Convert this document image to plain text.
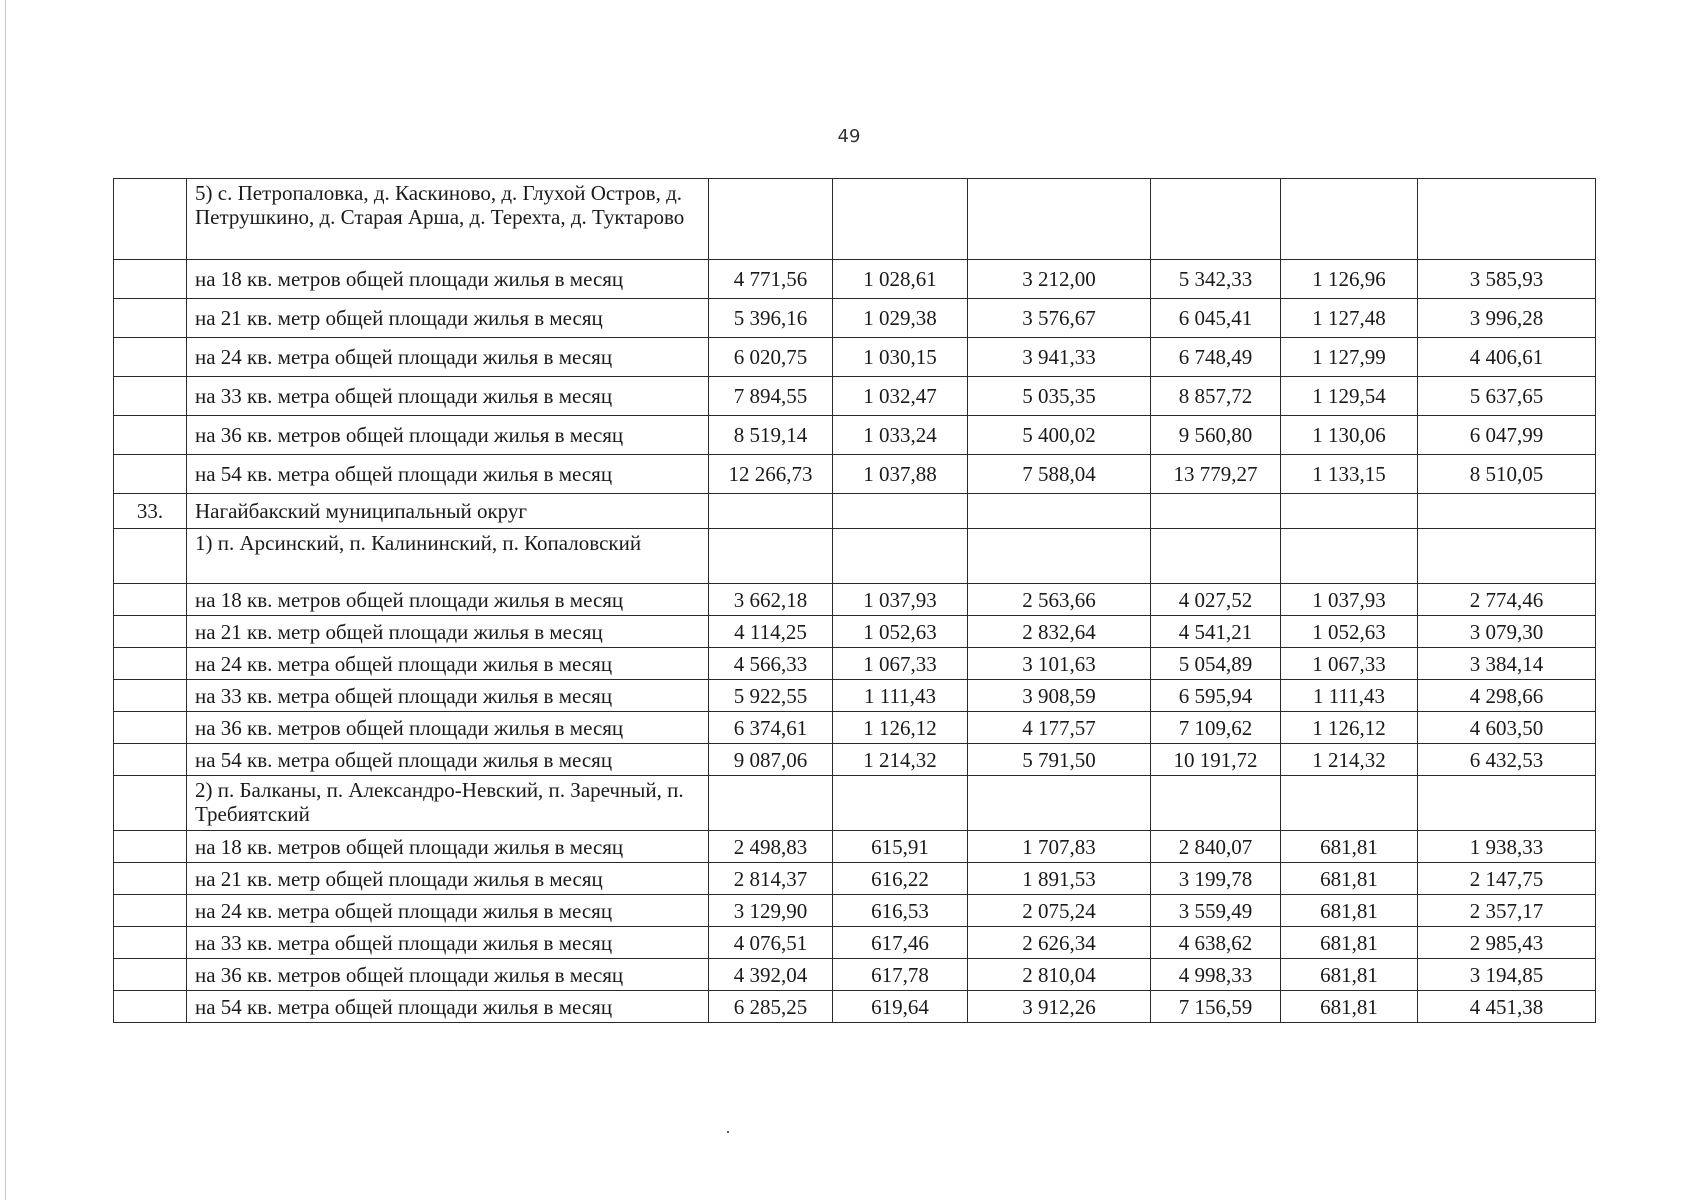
49
	5) с. Петропаловка, д. Каскиново, д. Глухой Остров, д. Петрушкино, д. Старая Арша, д. Терехта, д. Туктарово						
	на 18 кв. метров общей площади жилья в месяц	4 771,56	1 028,61	3 212,00	5 342,33	1 126,96	3 585,93
	на 21 кв. метр общей площади жилья в месяц	5 396,16	1 029,38	3 576,67	6 045,41	1 127,48	3 996,28
	на 24 кв. метра общей площади жилья в месяц	6 020,75	1 030,15	3 941,33	6 748,49	1 127,99	4 406,61
	на 33 кв. метра общей площади жилья в месяц	7 894,55	1 032,47	5 035,35	8 857,72	1 129,54	5 637,65
	на 36 кв. метров общей площади жилья в месяц	8 519,14	1 033,24	5 400,02	9 560,80	1 130,06	6 047,99
	на 54 кв. метра общей площади жилья в месяц	12 266,73	1 037,88	7 588,04	13 779,27	1 133,15	8 510,05
33.	Нагайбакский муниципальный округ						
	1) п. Арсинский, п. Калининский, п. Копаловский						
	на 18 кв. метров общей площади жилья в месяц	3 662,18	1 037,93	2 563,66	4 027,52	1 037,93	2 774,46
	на 21 кв. метр общей площади жилья в месяц	4 114,25	1 052,63	2 832,64	4 541,21	1 052,63	3 079,30
	на 24 кв. метра общей площади жилья в месяц	4 566,33	1 067,33	3 101,63	5 054,89	1 067,33	3 384,14
	на 33 кв. метра общей площади жилья в месяц	5 922,55	1 111,43	3 908,59	6 595,94	1 111,43	4 298,66
	на 36 кв. метров общей площади жилья в месяц	6 374,61	1 126,12	4 177,57	7 109,62	1 126,12	4 603,50
	на 54 кв. метра общей площади жилья в месяц	9 087,06	1 214,32	5 791,50	10 191,72	1 214,32	6 432,53
	2) п. Балканы, п. Александро-Невский, п. Заречный, п. Требиятский						
	на 18 кв. метров общей площади жилья в месяц	2 498,83	615,91	1 707,83	2 840,07	681,81	1 938,33
	на 21 кв. метр общей площади жилья в месяц	2 814,37	616,22	1 891,53	3 199,78	681,81	2 147,75
	на 24 кв. метра общей площади жилья в месяц	3 129,90	616,53	2 075,24	3 559,49	681,81	2 357,17
	на 33 кв. метра общей площади жилья в месяц	4 076,51	617,46	2 626,34	4 638,62	681,81	2 985,43
	на 36 кв. метров общей площади жилья в месяц	4 392,04	617,78	2 810,04	4 998,33	681,81	3 194,85
	на 54 кв. метра общей площади жилья в месяц	6 285,25	619,64	3 912,26	7 156,59	681,81	4 451,38
